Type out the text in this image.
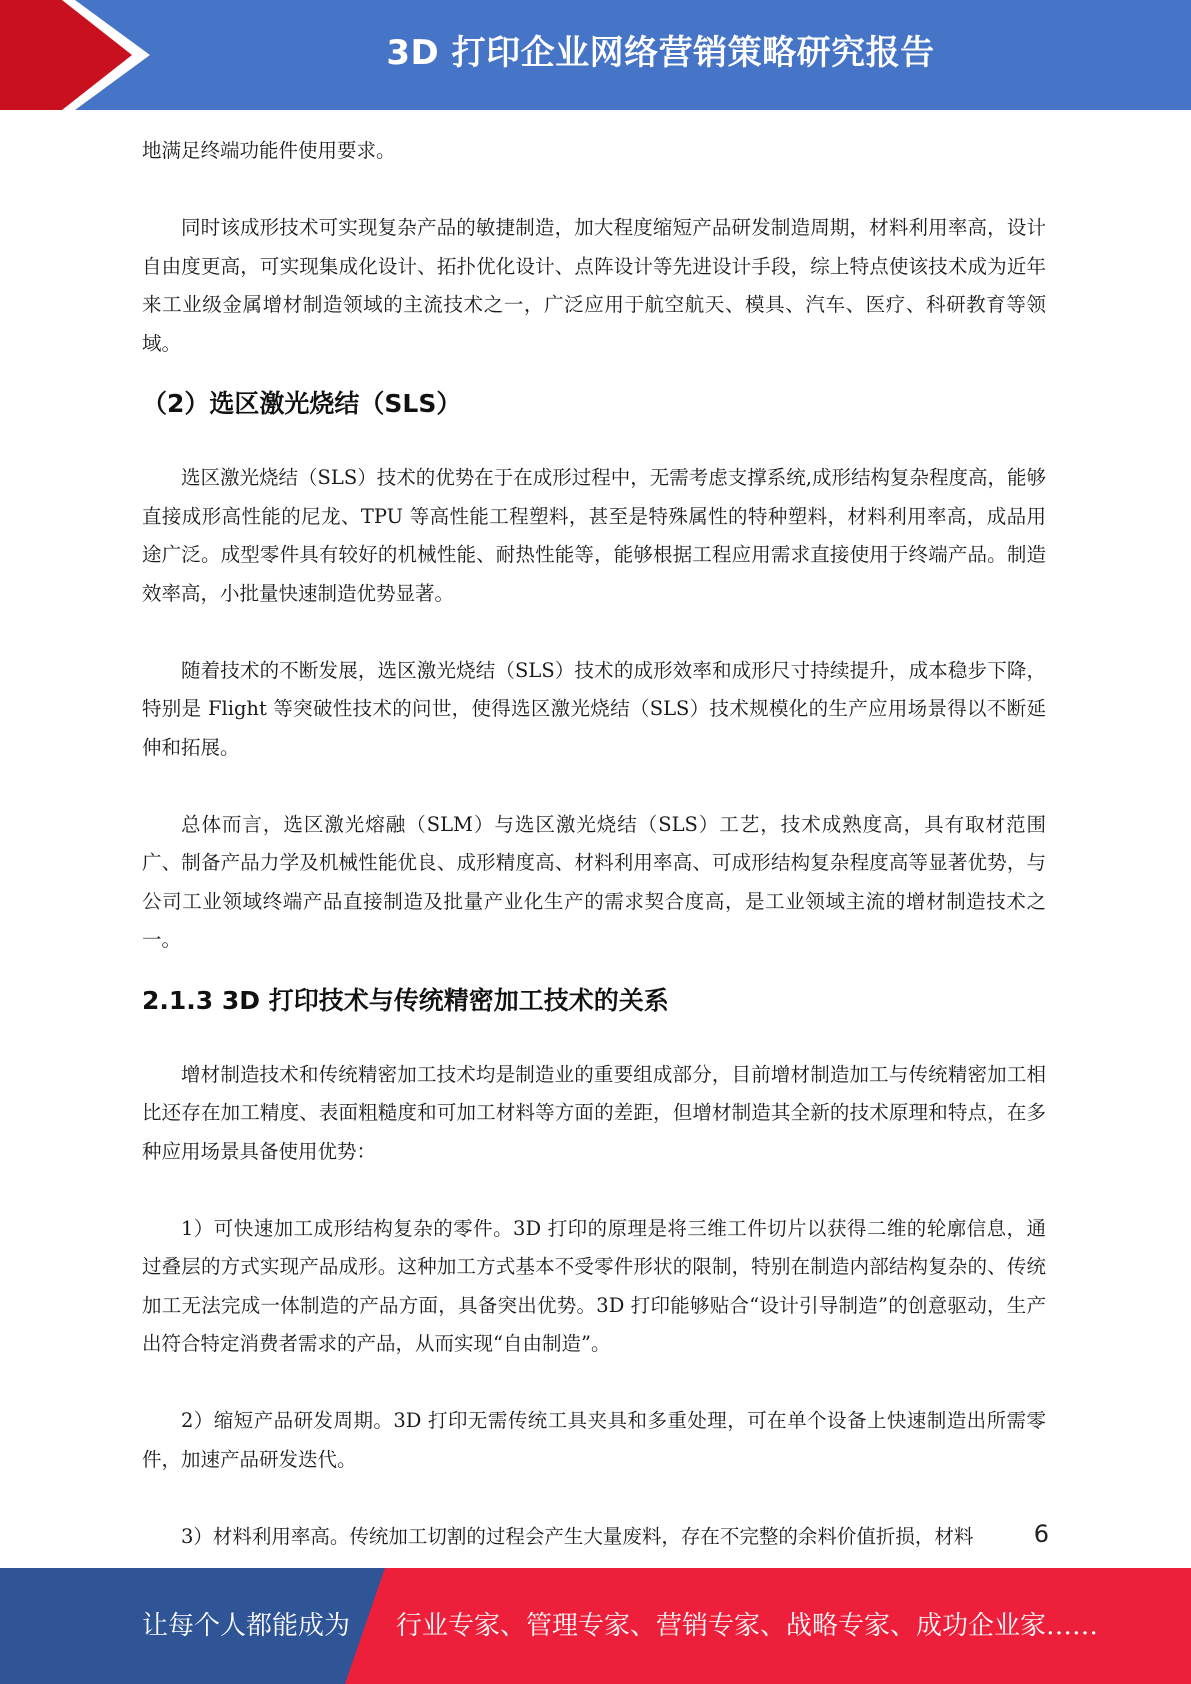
3D 打印企业网络营销策略研究报告

地满足终端功能件使用要求。

同时该成形技术可实现复杂产品的敏捷制造，加大程度缩短产品研发制造周期，材料利用率高，设计自由度更高，可实现集成化设计、拓扑优化设计、点阵设计等先进设计手段，综上特点使该技术成为近年来工业级金属增材制造领域的主流技术之一，广泛应用于航空航天、模具、汽车、医疗、科研教育等领域。

（2）选区激光烧结（SLS）

选区激光烧结（SLS）技术的优势在于在成形过程中，无需考虑支撑系统,成形结构复杂程度高，能够直接成形高性能的尼龙、TPU 等高性能工程塑料，甚至是特殊属性的特种塑料，材料利用率高，成品用途广泛。成型零件具有较好的机械性能、耐热性能等，能够根据工程应用需求直接使用于终端产品。制造效率高，小批量快速制造优势显著。

随着技术的不断发展，选区激光烧结（SLS）技术的成形效率和成形尺寸持续提升，成本稳步下降，特别是 Flight 等突破性技术的问世，使得选区激光烧结（SLS）技术规模化的生产应用场景得以不断延伸和拓展。

总体而言，选区激光熔融（SLM）与选区激光烧结（SLS）工艺，技术成熟度高，具有取材范围广、制备产品力学及机械性能优良、成形精度高、材料利用率高、可成形结构复杂程度高等显著优势，与公司工业领域终端产品直接制造及批量产业化生产的需求契合度高，是工业领域主流的增材制造技术之一。

2.1.3 3D 打印技术与传统精密加工技术的关系

增材制造技术和传统精密加工技术均是制造业的重要组成部分，目前增材制造加工与传统精密加工相比还存在加工精度、表面粗糙度和可加工材料等方面的差距，但增材制造其全新的技术原理和特点，在多种应用场景具备使用优势：

1）可快速加工成形结构复杂的零件。3D 打印的原理是将三维工件切片以获得二维的轮廓信息，通过叠层的方式实现产品成形。这种加工方式基本不受零件形状的限制，特别在制造内部结构复杂的、传统加工无法完成一体制造的产品方面，具备突出优势。3D 打印能够贴合“设计引导制造”的创意驱动，生产出符合特定消费者需求的产品，从而实现“自由制造”。

2）缩短产品研发周期。3D 打印无需传统工具夹具和多重处理，可在单个设备上快速制造出所需零件，加速产品研发迭代。

3）材料利用率高。传统加工切割的过程会产生大量废料，存在不完整的余料价值折损，材料	6
让每个人都能成为 行业专家、管理专家、营销专家、战略专家、成功企业家……
